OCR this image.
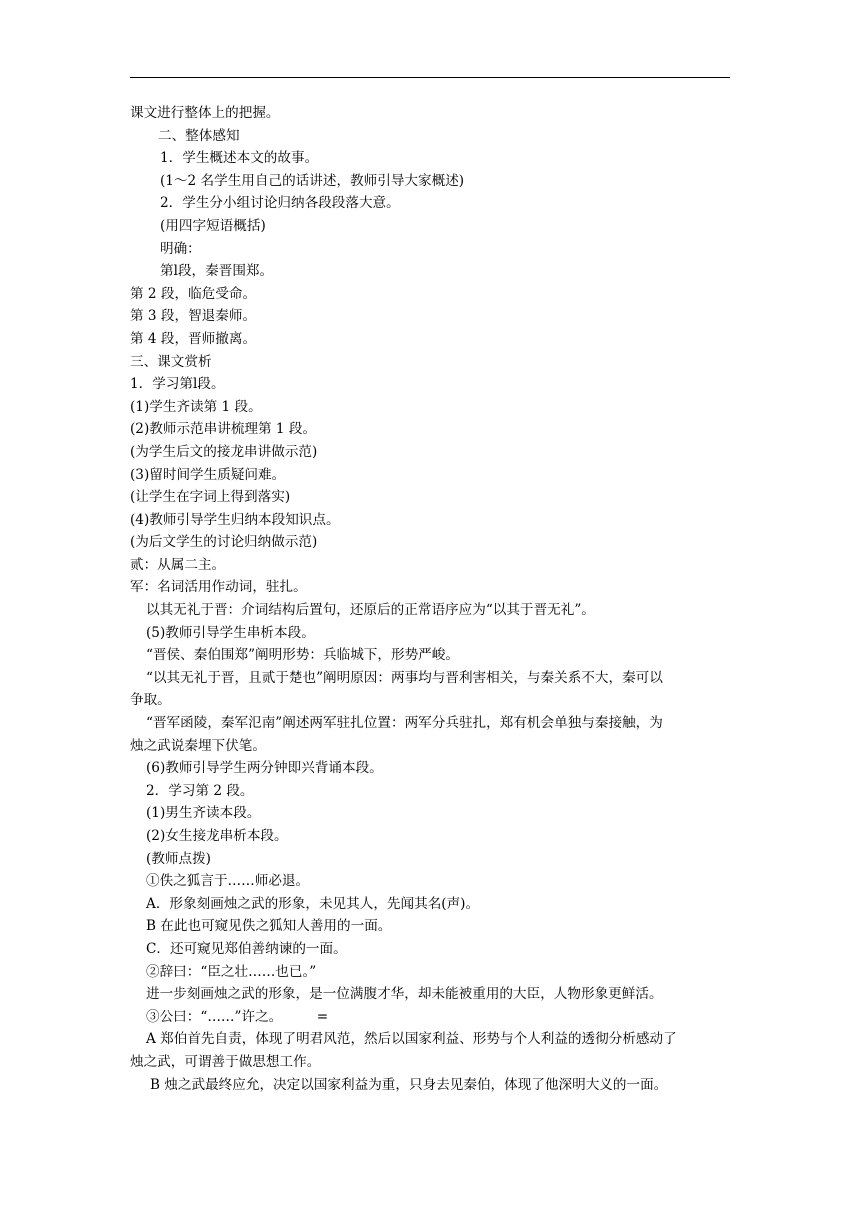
课文进行整体上的把握。

二、整体感知

1．学生概述本文的故事。

(1～2 名学生用自己的话讲述，教师引导大家概述)

2．学生分小组讨论归纳各段段落大意。

(用四字短语概括)

明确：

第l段，秦晋围郑。

第 2 段，临危受命。

第 3 段，智退秦师。

第 4 段，晋师撤离。

三、课文赏析

1．学习第l段。

(1)学生齐读第 1 段。

(2)教师示范串讲梳理第 1 段。

(为学生后文的接龙串讲做示范)

(3)留时间学生质疑问难。

(让学生在字词上得到落实)

(4)教师引导学生归纳本段知识点。

(为后文学生的讨论归纳做示范)

贰：从属二主。

军：名词活用作动词，驻扎。

以其无礼于晋：介词结构后置句，还原后的正常语序应为“以其于晋无礼”。

(5)教师引导学生串析本段。

“晋侯、秦伯围郑”阐明形势：兵临城下，形势严峻。

“以其无礼于晋，且贰于楚也”阐明原因：两事均与晋利害相关，与秦关系不大，秦可以

争取。

“晋军函陵，秦军氾南”阐述两军驻扎位置：两军分兵驻扎，郑有机会单独与秦接触，为

烛之武说秦埋下伏笔。

(6)教师引导学生两分钟即兴背诵本段。

2．学习第 2 段。

(1)男生齐读本段。

(2)女生接龙串析本段。

(教师点拨)

①佚之狐言于……师必退。

A．形象刻画烛之武的形象，未见其人，先闻其名(声)。

B 在此也可窥见佚之狐知人善用的一面。

C．还可窥见郑伯善纳谏的一面。

②辞曰：“臣之壮……也已。”

进一步刻画烛之武的形象，是一位满腹才华，却未能被重用的大臣，人物形象更鲜活。

③公曰：“……”许之。        =

A 郑伯首先自责，体现了明君风范，然后以国家利益、形势与个人利益的透彻分析感动了

烛之武，可谓善于做思想工作。

B 烛之武最终应允，决定以国家利益为重，只身去见秦伯，体现了他深明大义的一面。
